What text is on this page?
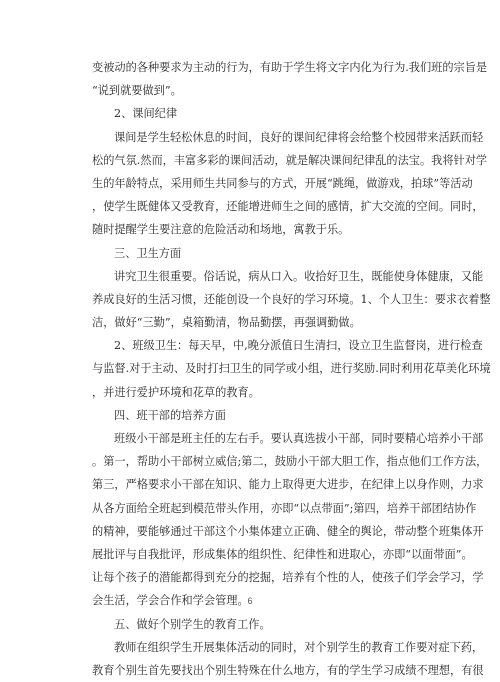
变被动的各种要求为主动的行为，有助于学生将文字内化为行为.我们班的宗旨是
“说到就要做到”。
2、课间纪律
课间是学生轻松休息的时间，良好的课间纪律将会给整个校园带来活跃而轻
松的气氛.然而，丰富多彩的课间活动，就是解决课间纪律乱的法宝。我将针对学
生的年龄特点，采用师生共同参与的方式，开展“跳绳，做游戏，拍球”等活动
，使学生既健体又受教育，还能增进师生之间的感情，扩大交流的空间。同时，
随时提醒学生要注意的危险活动和场地，寓教于乐。
三、卫生方面
讲究卫生很重要。俗话说，病从口入。收拾好卫生，既能使身体健康，又能
养成良好的生活习惯，还能创设一个良好的学习环境。1、个人卫生：要求衣着整
洁，做好“三勤”，桌箱勤清，物品勤摆，再强调勤做。
2、班级卫生：每天早，中,晚分派值日生清扫，设立卫生监督岗，进行检查
与监督.对于主动、及时打扫卫生的同学或小组，进行奖励.同时利用花草美化环境
，并进行爱护环境和花草的教育。
四、班干部的培养方面
班级小干部是班主任的左右手。要认真选拔小干部，同时要精心培养小干部
。第一，帮助小干部树立威信;第二，鼓励小干部大胆工作，指点他们工作方法，
第三，严格要求小干部在知识、能力上取得更大进步，在纪律上以身作则，力求
从各方面给全班起到模范带头作用，亦即“以点带面”;第四，培养干部团结协作
的精神，要能够通过干部这个小集体建立正确、健全的舆论，带动整个班集体开
展批评与自我批评，形成集体的组织性、纪律性和进取心，亦即“以面带面”。
让每个孩子的潜能都得到充分的挖掘，培养有个性的人，使孩子们学会学习，学
会生活，学会合作和学会管理。
五、做好个别学生的教育工作。
教师在组织学生开展集体活动的同时，对个别学生的教育工作要对症下药，
教育个别生首先要找出个别生特殊在什么地方，有的学生学习成绩不理想，有很
6
